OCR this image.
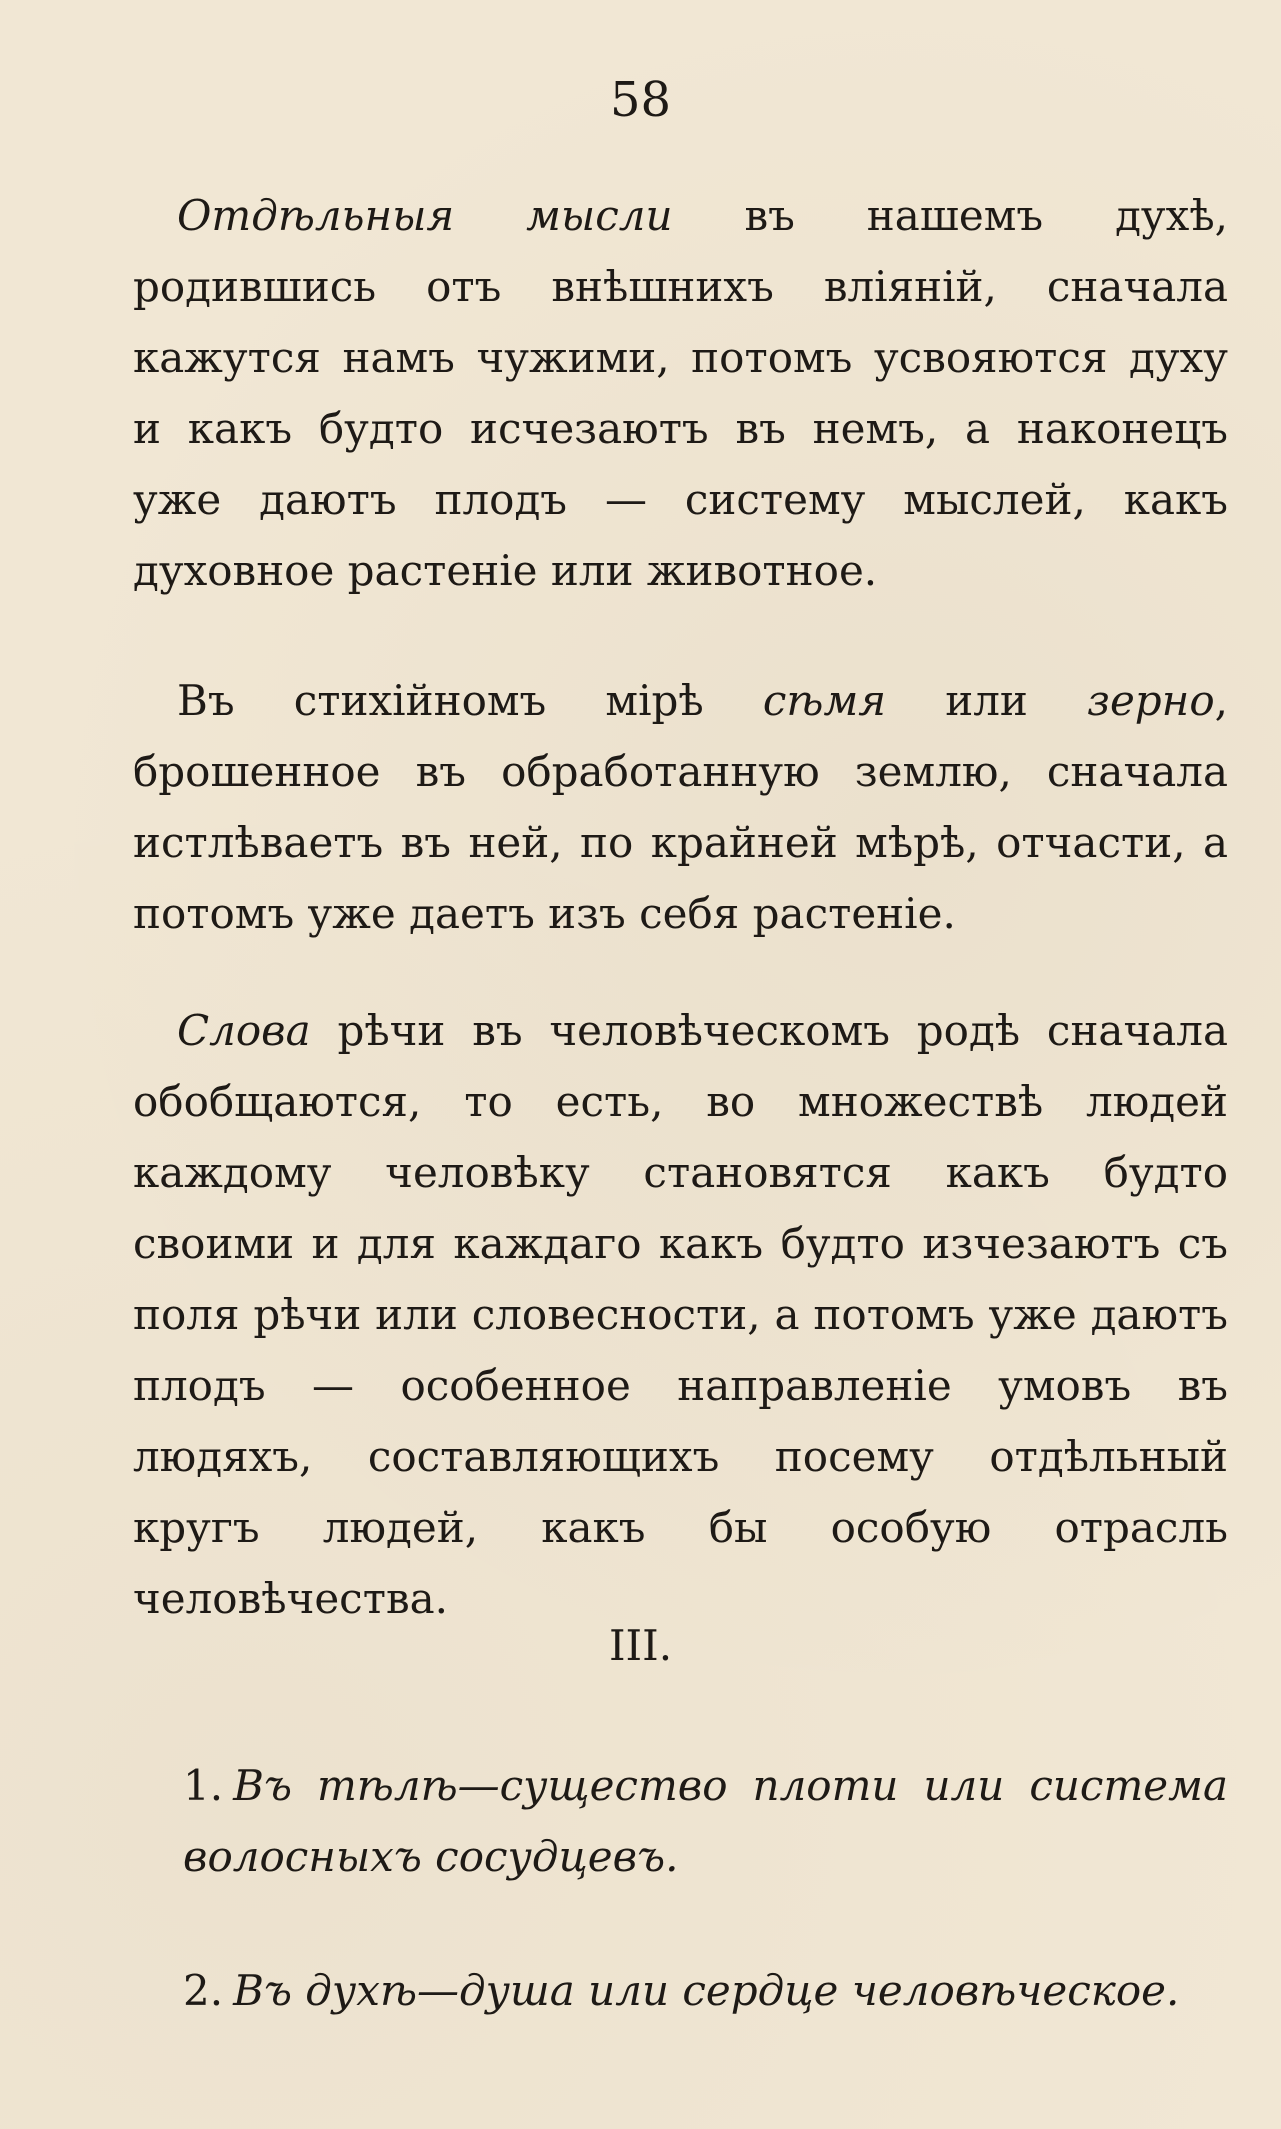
58

Отдѣльныя мысли въ нашемъ духѣ, родившись отъ внѣшнихъ вліяній, сначала кажутся намъ чужими, потомъ усвояются духу и какъ будто исчезаютъ въ немъ, а наконецъ уже даютъ плодъ — систему мыслей, какъ духовное растеніе или животное.

Въ стихійномъ мірѣ сѣмя или зерно, брошенное въ обработанную землю, сначала истлѣваетъ въ ней, по крайней мѣрѣ, отчасти, а потомъ уже даетъ изъ себя растеніе.

Слова рѣчи въ человѣческомъ родѣ сначала обобщаются, то есть, во множествѣ людей каждому человѣку становятся какъ будто своими и для каждаго какъ будто изчезаютъ съ поля рѣчи или словесности, а потомъ уже даютъ плодъ — особенное направленіе умовъ въ людяхъ, составляющихъ посему отдѣльный кругъ людей, какъ бы особую отрасль человѣчества.

III.

1. Въ тѣлѣ—существо плоти или система волосныхъ сосудцевъ.

2. Въ духѣ—душа или сердце человѣческое.
